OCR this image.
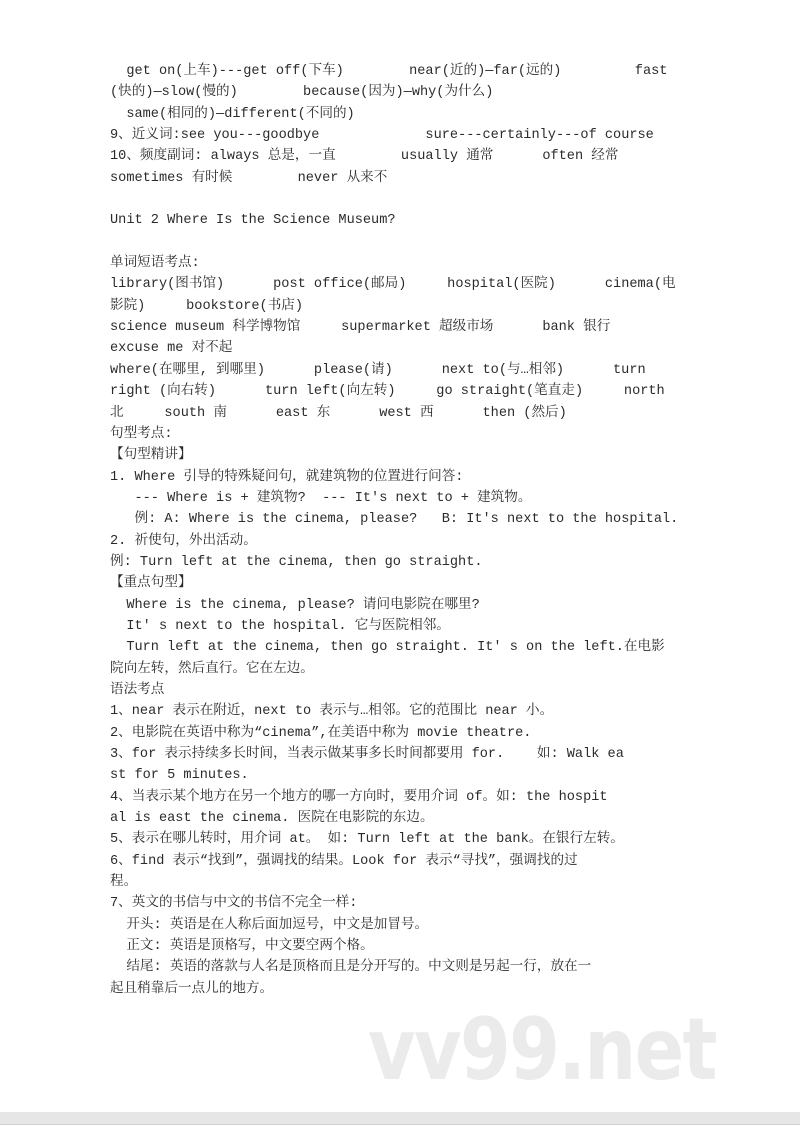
get on(上车)---get off(下车)        near(近的)—far(远的)         fast
(快的)—slow(慢的)        because(因为)—why(为什么)
same(相同的)—different(不同的)
9、近义词:see you---goodbye             sure---certainly---of course
10、频度副词: always 总是，一直        usually 通常      often 经常
sometimes 有时候        never 从来不
Unit 2 Where Is the Science Museum?
单词短语考点:
library(图书馆)      post office(邮局)     hospital(医院)      cinema(电
影院)     bookstore(书店)
science museum 科学博物馆     supermarket 超级市场      bank 银行
excuse me 对不起
where(在哪里, 到哪里)      please(请)      next to(与…相邻)      turn
right (向右转)      turn left(向左转)     go straight(笔直走)     north
北     south 南      east 东      west 西      then (然后)
句型考点:
【句型精讲】
1. Where 引导的特殊疑问句，就建筑物的位置进行问答:
--- Where is + 建筑物?  --- It's next to + 建筑物。
例: A: Where is the cinema, please?   B: It's next to the hospital.
2. 祈使句，外出活动。
例: Turn left at the cinema, then go straight.
【重点句型】
Where is the cinema, please? 请问电影院在哪里?
It' s next to the hospital. 它与医院相邻。
Turn left at the cinema, then go straight. It' s on the left.在电影
院向左转，然后直行。它在左边。
语法考点
1、near 表示在附近，next to 表示与…相邻。它的范围比 near 小。
2、电影院在英语中称为“cinema”,在美语中称为 movie theatre.
3、for 表示持续多长时间，当表示做某事多长时间都要用 for.    如: Walk ea
st for 5 minutes.
4、当表示某个地方在另一个地方的哪一方向时，要用介词 of。如: the hospit
al is east the cinema. 医院在电影院的东边。
5、表示在哪儿转时，用介词 at。 如: Turn left at the bank。在银行左转。
6、find 表示“找到”，强调找的结果。Look for 表示“寻找”，强调找的过
程。
7、英文的书信与中文的书信不完全一样:
开头: 英语是在人称后面加逗号，中文是加冒号。
正文: 英语是顶格写，中文要空两个格。
结尾: 英语的落款与人名是顶格而且是分开写的。中文则是另起一行，放在一
起且稍靠后一点儿的地方。
vv99.net
